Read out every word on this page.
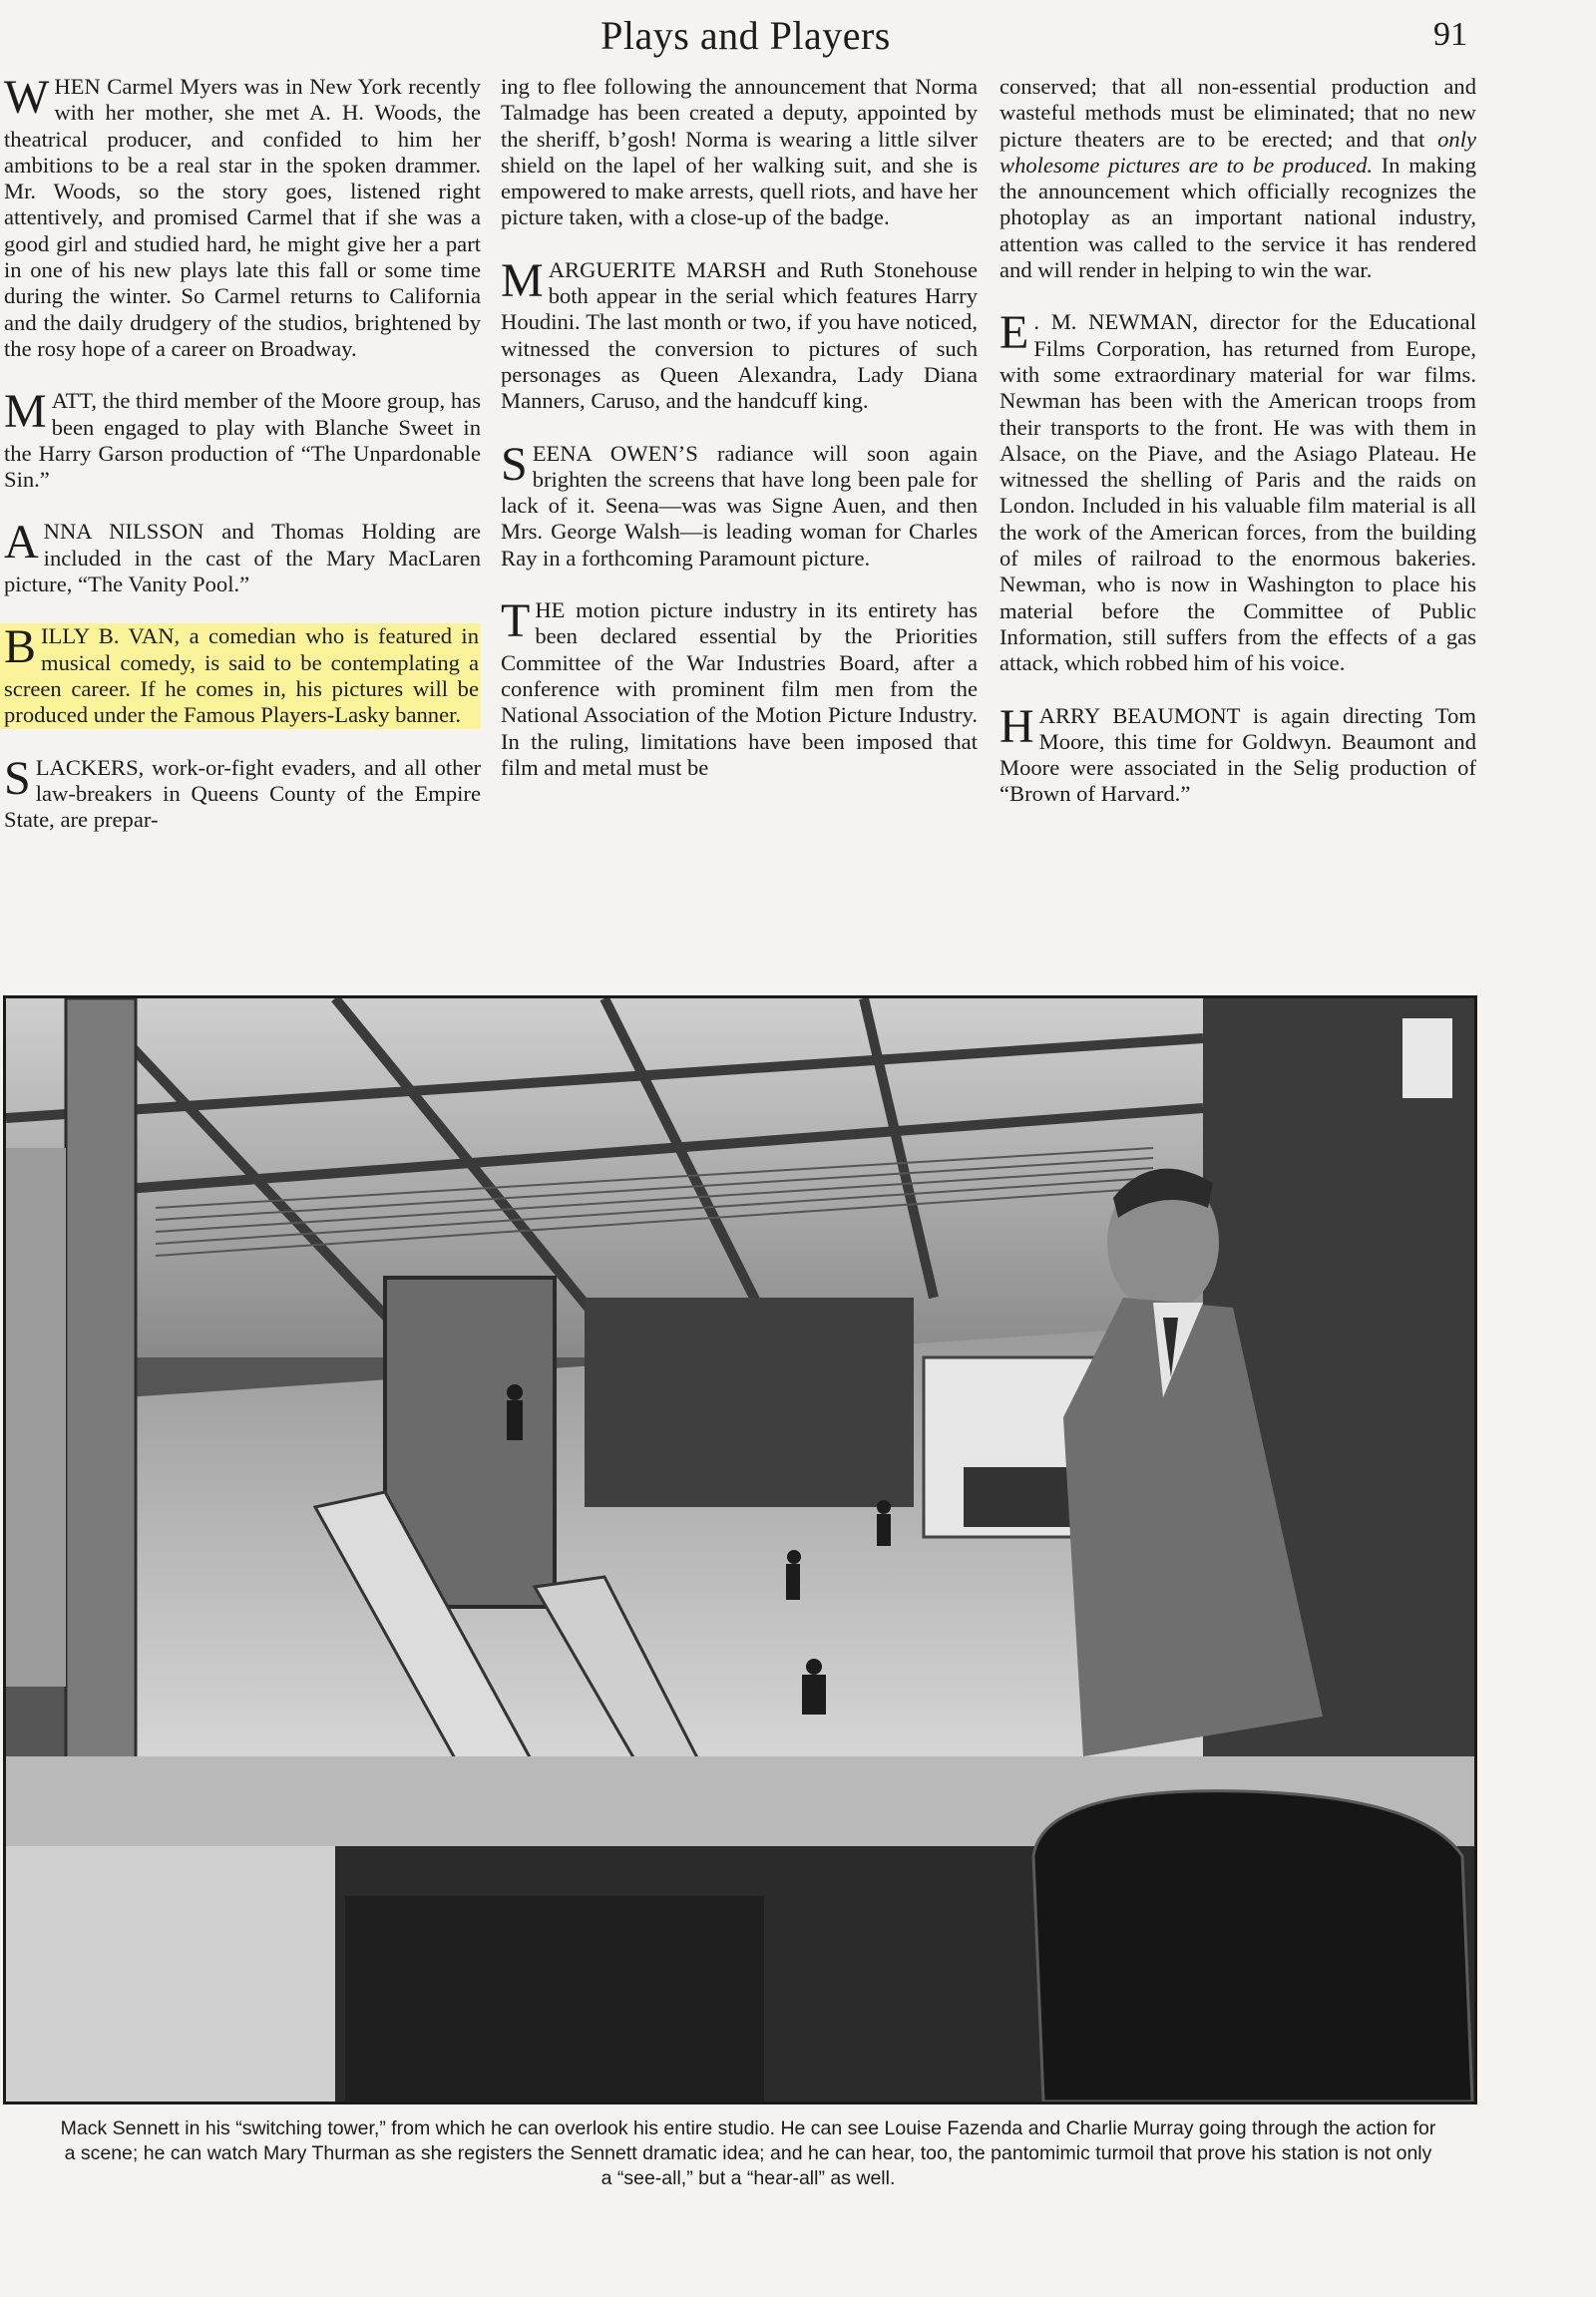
Plays and Players	91

WHEN Carmel Myers was in New York recently with her mother, she met A. H. Woods, the theatrical producer, and confided to him her ambitions to be a real star in the spoken drammer. Mr. Woods, so the story goes, listened right attentively, and promised Carmel that if she was a good girl and studied hard, he might give her a part in one of his new plays late this fall or some time during the winter. So Carmel returns to California and the daily drudgery of the studios, brightened by the rosy hope of a career on Broadway.

MATT, the third member of the Moore group, has been engaged to play with Blanche Sweet in the Harry Garson production of “The Unpardonable Sin.”

ANNA NILSSON and Thomas Holding are included in the cast of the Mary MacLaren picture, “The Vanity Pool.”

BILLY B. VAN, a comedian who is featured in musical comedy, is said to be contemplating a screen career. If he comes in, his pictures will be produced under the Famous Players-Lasky banner.

SLACKERS, work-or-fight evaders, and all other law-breakers in Queens County of the Empire State, are prepar-

ing to flee following the announcement that Norma Talmadge has been created a deputy, appointed by the sheriff, b’gosh! Norma is wearing a little silver shield on the lapel of her walking suit, and she is empowered to make arrests, quell riots, and have her picture taken, with a close-up of the badge.

MARGUERITE MARSH and Ruth Stonehouse both appear in the serial which features Harry Houdini. The last month or two, if you have noticed, witnessed the conversion to pictures of such personages as Queen Alexandra, Lady Diana Manners, Caruso, and the handcuff king.

SEENA OWEN’S radiance will soon again brighten the screens that have long been pale for lack of it. Seena—was was Signe Auen, and then Mrs. George Walsh—is leading woman for Charles Ray in a forthcoming Paramount picture.

THE motion picture industry in its entirety has been declared essential by the Priorities Committee of the War Industries Board, after a conference with prominent film men from the National Association of the Motion Picture Industry. In the ruling, limitations have been imposed that film and metal must be

conserved; that all non-essential production and wasteful methods must be eliminated; that no new picture theaters are to be erected; and that only wholesome pictures are to be produced. In making the announcement which officially recognizes the photoplay as an important national industry, attention was called to the service it has rendered and will render in helping to win the war.

E . M. NEWMAN, director for the Educational Films Corporation, has returned from Europe, with some extraordinary material for war films. Newman has been with the American troops from their transports to the front. He was with them in Alsace, on the Piave, and the Asiago Plateau. He witnessed the shelling of Paris and the raids on London. Included in his valuable film material is all the work of the American forces, from the building of miles of railroad to the enormous bakeries. Newman, who is now in Washington to place his material before the Committee of Public Information, still suffers from the effects of a gas attack, which robbed him of his voice.

HARRY BEAUMONT is again directing Tom Moore, this time for Goldwyn. Beaumont and Moore were associated in the Selig production of “Brown of Harvard.”

Mack Sennett in his “switching tower,” from which he can overlook his entire studio. He can see Louise Fazenda and Charlie Murray going through the action for a scene; he can watch Mary Thurman as she registers the Sennett dramatic idea; and he can hear, too, the pantomimic turmoil that prove his station is not only a “see-all,” but a “hear-all” as well.
